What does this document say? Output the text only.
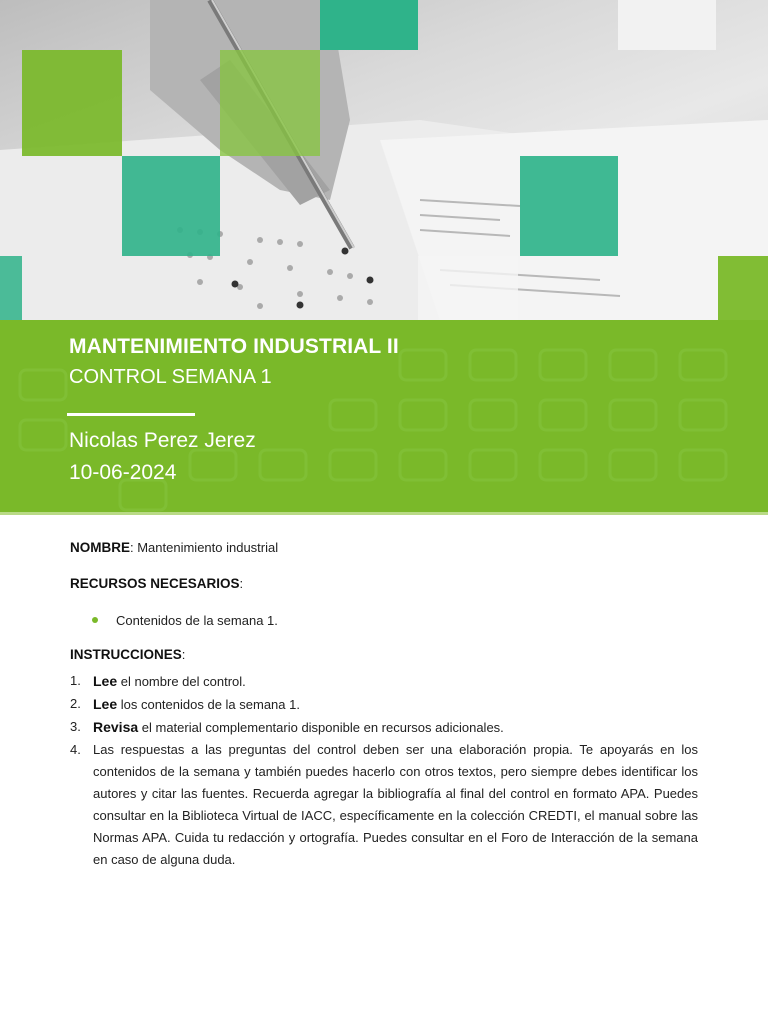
MANTENIMIENTO INDUSTRIAL II
CONTROL SEMANA 1
Nicolas Perez Jerez
10-06-2024
NOMBRE: Mantenimiento industrial
RECURSOS NECESARIOS:
Contenidos de la semana 1.
INSTRUCCIONES:
1. Lee el nombre del control.
2. Lee los contenidos de la semana 1.
3. Revisa el material complementario disponible en recursos adicionales.
4. Las respuestas a las preguntas del control deben ser una elaboración propia. Te apoyarás en los contenidos de la semana y también puedes hacerlo con otros textos, pero siempre debes identificar los autores y citar las fuentes. Recuerda agregar la bibliografía al final del control en formato APA. Puedes consultar en la Biblioteca Virtual de IACC, específicamente en la colección CREDTI, el manual sobre las Normas APA. Cuida tu redacción y ortografía. Puedes consultar en el Foro de Interacción de la semana en caso de alguna duda.
